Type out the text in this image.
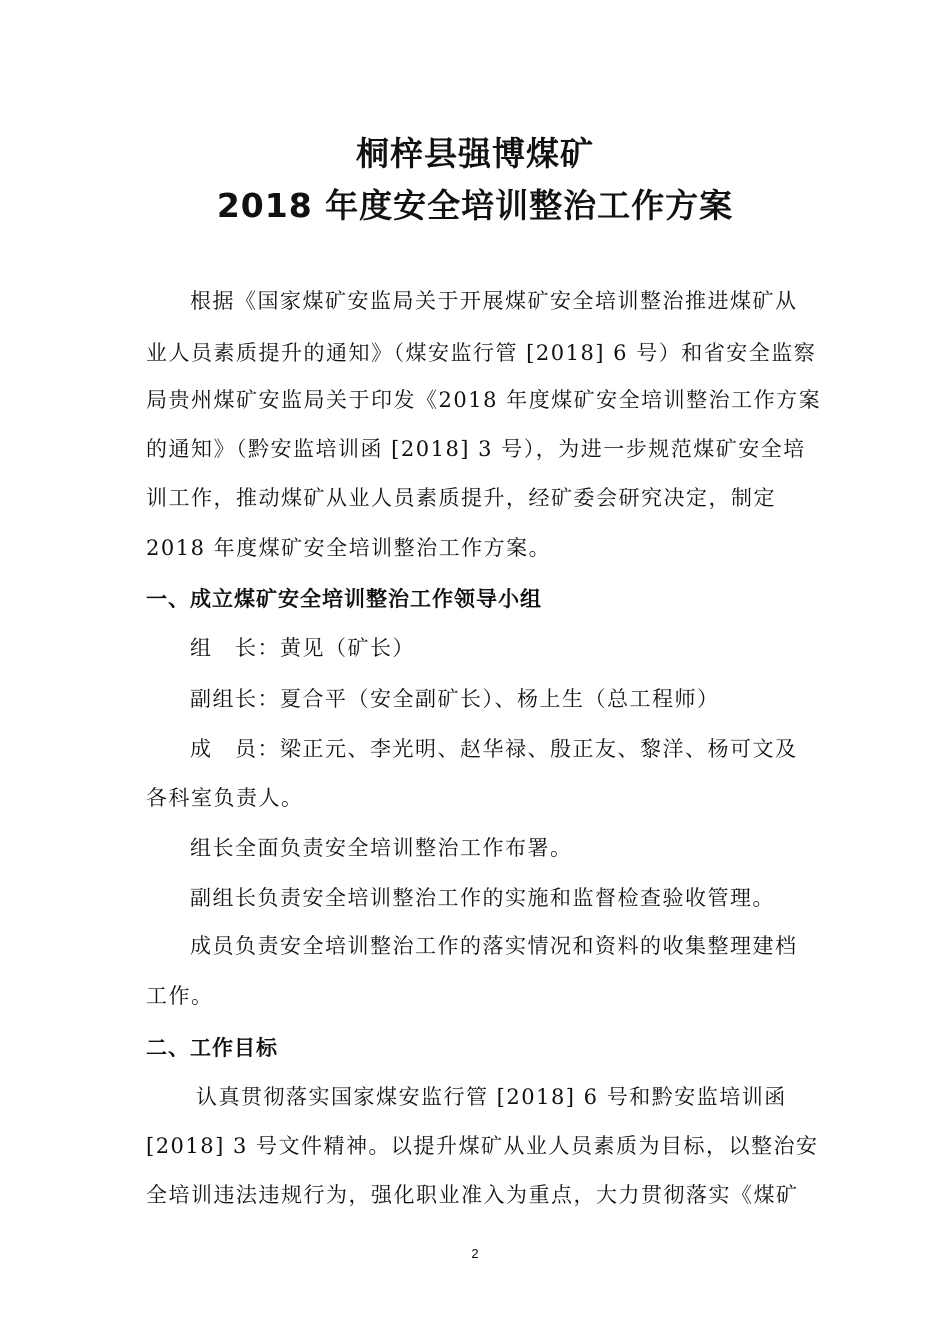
桐梓县强博煤矿
2018 年度安全培训整治工作方案

根据《国家煤矿安监局关于开展煤矿安全培训整治推进煤矿从

业人员素质提升的通知》（煤安监行管 [2018] 6 号）和省安全监察

局贵州煤矿安监局关于印发《2018 年度煤矿安全培训整治工作方案

的通知》（黔安监培训函 [2018] 3 号），为进一步规范煤矿安全培

训工作，推动煤矿从业人员素质提升，经矿委会研究决定，制定

2018 年度煤矿安全培训整治工作方案。

一、成立煤矿安全培训整治工作领导小组

组　长：黄见（矿长）

副组长：夏合平（安全副矿长）、杨上生（总工程师）

成　员：梁正元、李光明、赵华禄、殷正友、黎洋、杨可文及

各科室负责人。

组长全面负责安全培训整治工作布署。

副组长负责安全培训整治工作的实施和监督检查验收管理。

成员负责安全培训整治工作的落实情况和资料的收集整理建档

工作。

二、工作目标

认真贯彻落实国家煤安监行管 [2018] 6 号和黔安监培训函

[2018] 3 号文件精神。以提升煤矿从业人员素质为目标，以整治安

全培训违法违规行为，强化职业准入为重点，大力贯彻落实《煤矿

2
